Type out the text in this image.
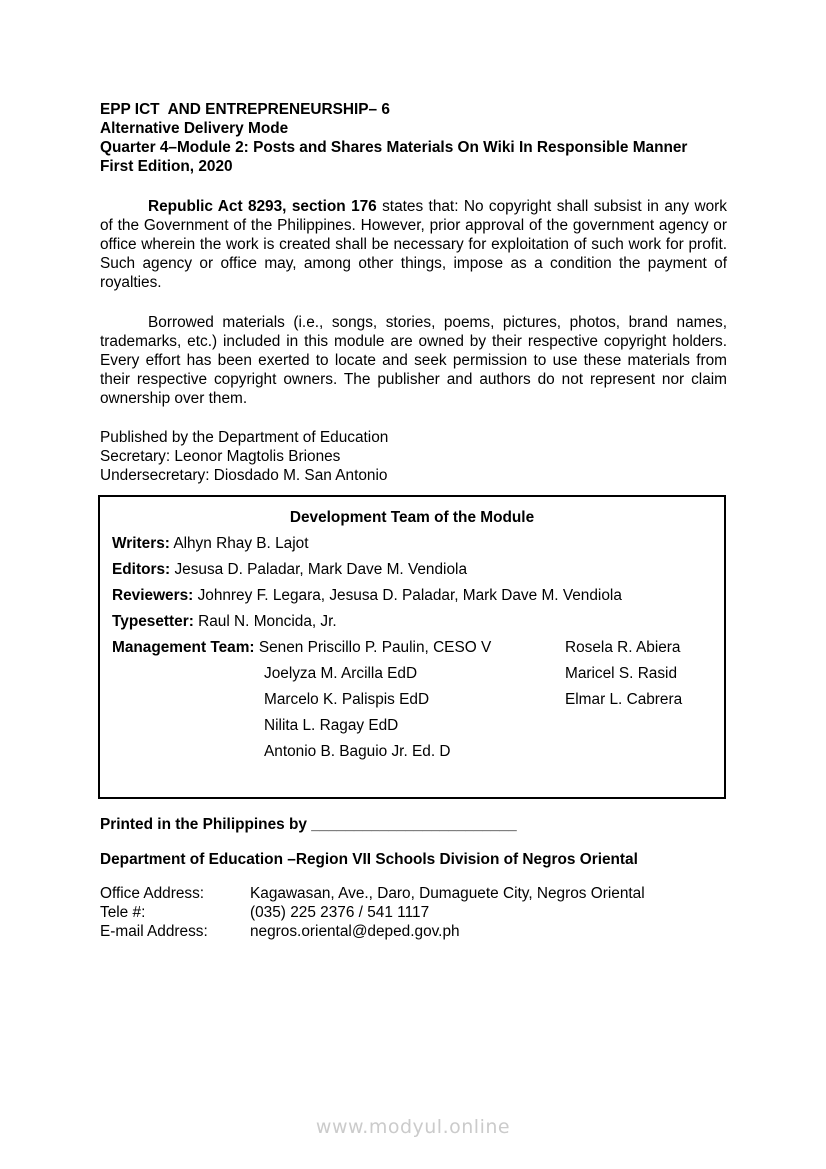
EPP ICT  AND ENTREPRENEURSHIP– 6
Alternative Delivery Mode
Quarter 4–Module 2: Posts and Shares Materials On Wiki In Responsible Manner
First Edition, 2020

Republic Act 8293, section 176 states that: No copyright shall subsist in any work of the Government of the Philippines. However, prior approval of the government agency or office wherein the work is created shall be necessary for exploitation of such work for profit. Such agency or office may, among other things, impose as a condition the payment of royalties.

Borrowed materials (i.e., songs, stories, poems, pictures, photos, brand names, trademarks, etc.) included in this module are owned by their respective copyright holders. Every effort has been exerted to locate and seek permission to use these materials from their respective copyright owners. The publisher and authors do not represent nor claim ownership over them.

Published by the Department of Education
Secretary: Leonor Magtolis Briones
Undersecretary: Diosdado M. San Antonio
Development Team of the Module
Writers: Alhyn Rhay B. Lajot
Editors: Jesusa D. Paladar, Mark Dave M. Vendiola
Reviewers: Johnrey F. Legara, Jesusa D. Paladar, Mark Dave M. Vendiola
Typesetter: Raul N. Moncida, Jr.
Management Team: Senen Priscillo P. Paulin, CESO V	Rosela R. Abiera
Joelyza M. Arcilla EdD	Maricel S. Rasid
Marcelo K. Palispis EdD	Elmar L. Cabrera
Nilita L. Ragay EdD
Antonio B. Baguio Jr. Ed. D
Printed in the Philippines by ________________________
Department of Education –Region VII Schools Division of Negros Oriental
Office Address:	Kagawasan, Ave., Daro, Dumaguete City, Negros Oriental
Tele #:	(035) 225 2376 / 541 1117
E-mail Address:	negros.oriental@deped.gov.ph
www.modyul.online
